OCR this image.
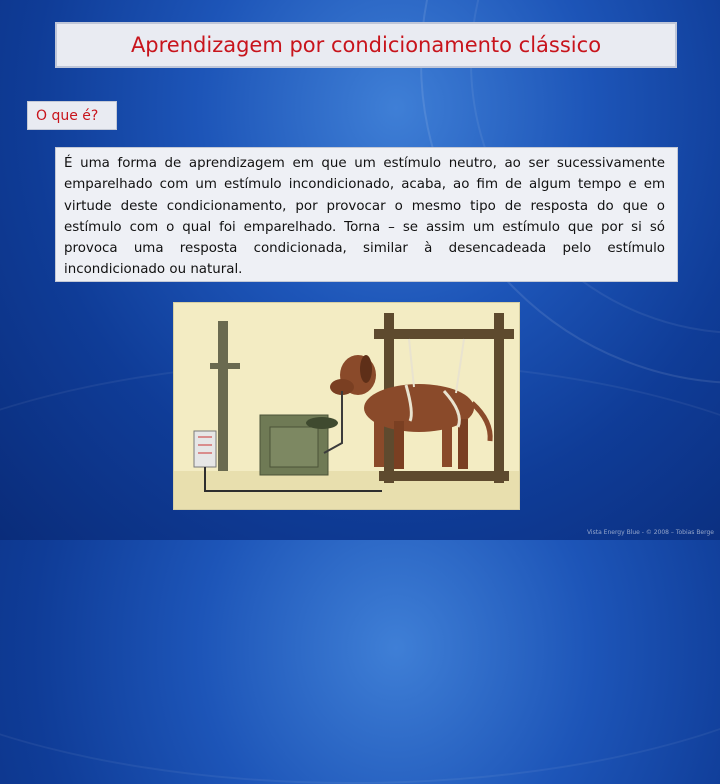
Aprendizagem por condicionamento clássico
O que é?

É uma forma de aprendizagem em que um estímulo neutro, ao ser sucessivamente emparelhado com um estímulo incondicionado, acaba, ao fim de algum tempo e em virtude deste condicionamento, por provocar o mesmo tipo de resposta do que o estímulo com o qual foi emparelhado. Torna – se assim um estímulo que por si só provoca uma resposta condicionada, similar à desencadeada pelo estímulo incondicionado ou natural.

Vista Energy Blue - © 2008 – Tobias Berge
